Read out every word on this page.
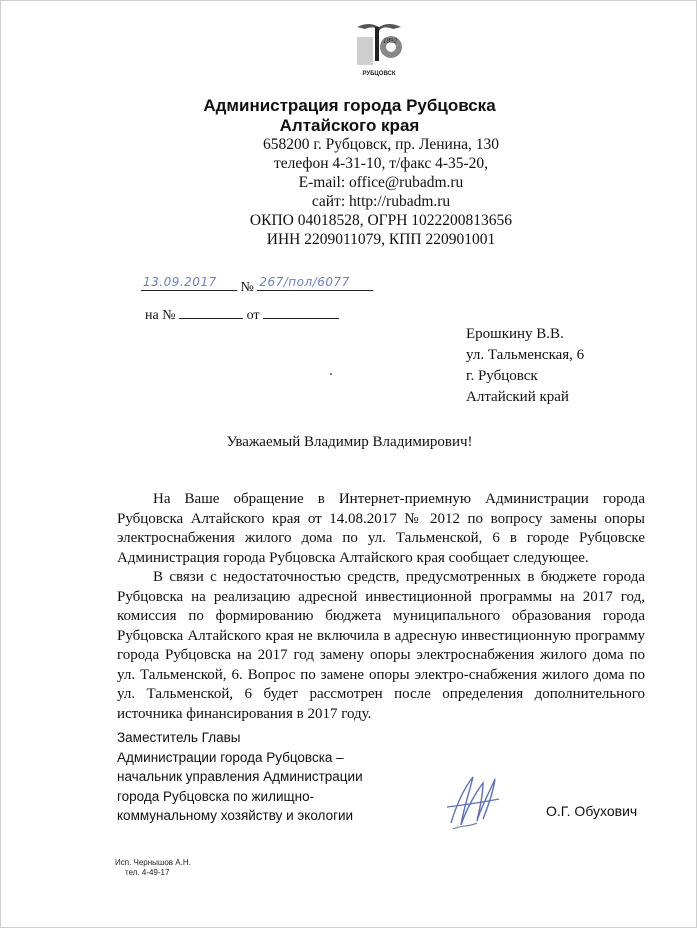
1892
РУБЦОВСК
Администрация города Рубцовска
Алтайского края
658200 г. Рубцовск, пр. Ленина, 130
телефон 4-31-10, т/факс 4-35-20,
E-mail: office@rubadm.ru
сайт: http://rubadm.ru
ОКПО 04018528, ОГРН 1022200813656
ИНН 2209011079, КПП 220901001
13.09.2017 № 267/пол/6077
на №	от
Ерошкину В.В.
ул. Тальменская, 6
г. Рубцовск
Алтайский край
Уважаемый Владимир Владимирович!

На Ваше обращение в Интернет-приемную Администрации города Рубцовска Алтайского края от 14.08.2017 № 2012 по вопросу замены опоры электроснабжения жилого дома по ул. Тальменской, 6 в городе Рубцовске Администрация города Рубцовска Алтайского края сообщает следующее.

В связи с недостаточностью средств, предусмотренных в бюджете города Рубцовска на реализацию адресной инвестиционной программы на 2017 год, комиссия по формированию бюджета муниципального образования города Рубцовска Алтайского края не включила в адресную инвестиционную программу города Рубцовска на 2017 год замену опоры электроснабжения жилого дома по ул. Тальменской, 6. Вопрос по замене опоры электро-снабжения жилого дома по ул. Тальменской, 6 будет рассмотрен после определения дополнительного источника финансирования в 2017 году.

Заместитель Главы
Администрации города Рубцовска –
начальник управления Администрации
города Рубцовска по жилищно-
коммунальному хозяйству и экологии	О.Г. Обухович
Исп. Чернышов А.Н.
тел. 4-49-17
